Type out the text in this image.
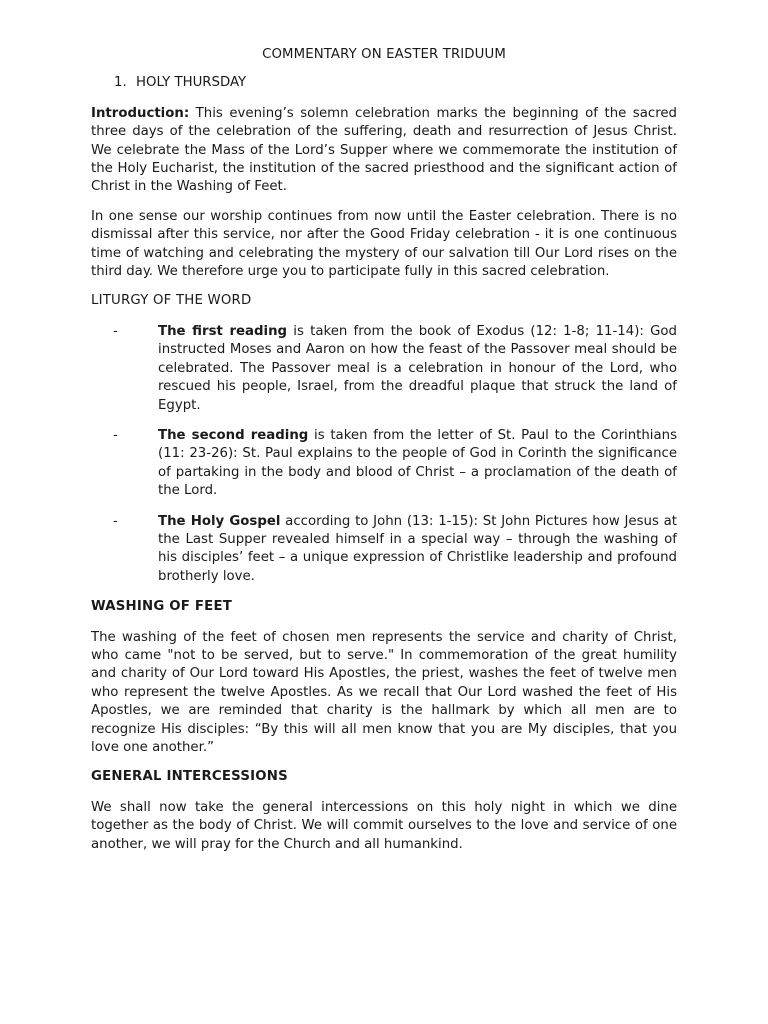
COMMENTARY ON EASTER TRIDUUM
1. HOLY THURSDAY

Introduction: This evening’s solemn celebration marks the beginning of the sacred three days of the celebration of the suffering, death and resurrection of Jesus Christ. We celebrate the Mass of the Lord’s Supper where we commemorate the institution of the Holy Eucharist, the institution of the sacred priesthood and the significant action of Christ in the Washing of Feet.

In one sense our worship continues from now until the Easter celebration. There is no dismissal after this service, nor after the Good Friday celebration - it is one continuous time of watching and celebrating the mystery of our salvation till Our Lord rises on the third day. We therefore urge you to participate fully in this sacred celebration.

LITURGY OF THE WORD
-	The first reading is taken from the book of Exodus (12: 1-8; 11-14): God instructed Moses and Aaron on how the feast of the Passover meal should be celebrated. The Passover meal is a celebration in honour of the Lord, who rescued his people, Israel, from the dreadful plaque that struck the land of Egypt.
-	The second reading is taken from the letter of St. Paul to the Corinthians (11: 23-26): St. Paul explains to the people of God in Corinth the significance of partaking in the body and blood of Christ – a proclamation of the death of the Lord.
-	The Holy Gospel according to John (13: 1-15): St John Pictures how Jesus at the Last Supper revealed himself in a special way – through the washing of his disciples’ feet – a unique expression of Christlike leadership and profound brotherly love.
WASHING OF FEET

The washing of the feet of chosen men represents the service and charity of Christ, who came "not to be served, but to serve." In commemoration of the great humility and charity of Our Lord toward His Apostles, the priest, washes the feet of twelve men who represent the twelve Apostles. As we recall that Our Lord washed the feet of His Apostles, we are reminded that charity is the hallmark by which all men are to recognize His disciples: “By this will all men know that you are My disciples, that you love one another.”

GENERAL INTERCESSIONS

We shall now take the general intercessions on this holy night in which we dine together as the body of Christ. We will commit ourselves to the love and service of one another, we will pray for the Church and all humankind.
